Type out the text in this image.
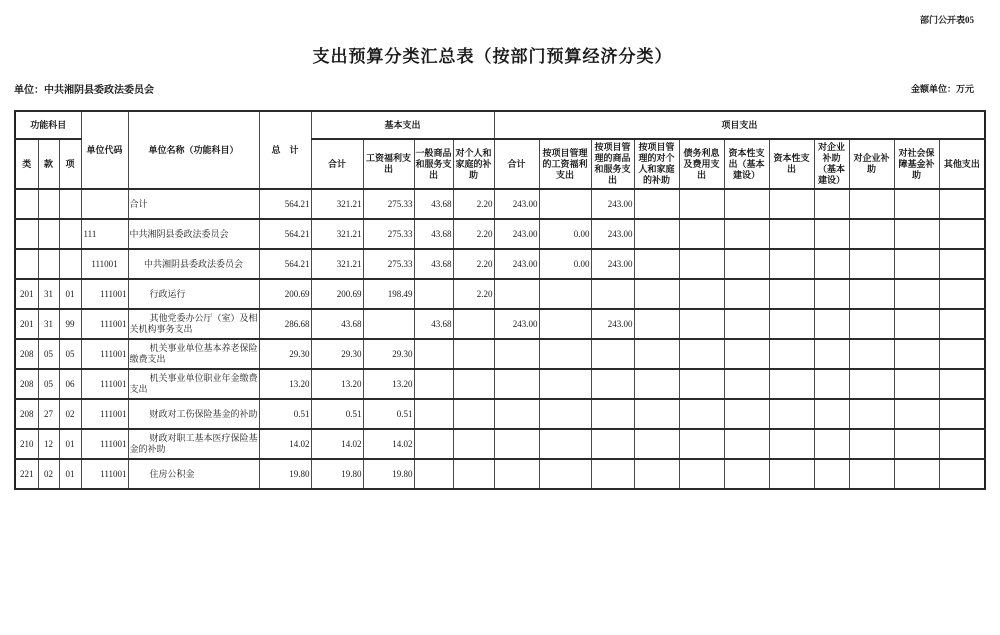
部门公开表05
支出预算分类汇总表（按部门预算经济分类）
单位：中共湘阴县委政法委员会	金额单位：万元
功能科目			单位代码	单位名称（功能科目）	总　计	基本支出				项目支出										
类	款	项				合计	工资福利支出	一般商品和服务支出	对个人和家庭的补助	合计	按项目管理的工资福利支出	按项目管理的商品和服务支出	按项目管理的对个人和家庭的补助	债务利息及费用支出	资本性支出（基本建设）	资本性支出	对企业补助（基本建设）	对企业补助	对社会保障基金补助	其他支出
				合计	564.21	321.21	275.33	43.68	2.20	243.00		243.00								
			111	中共湘阴县委政法委员会	564.21	321.21	275.33	43.68	2.20	243.00	0.00	243.00								
			111001	中共湘阴县委政法委员会	564.21	321.21	275.33	43.68	2.20	243.00	0.00	243.00								
201	31	01	111001	行政运行	200.69	200.69	198.49		2.20											
201	31	99	111001	其他党委办公厅（室）及相关机构事务支出	286.68	43.68		43.68		243.00		243.00								
208	05	05	111001	机关事业单位基本养老保险缴费支出	29.30	29.30	29.30													
208	05	06	111001	机关事业单位职业年金缴费支出	13.20	13.20	13.20													
208	27	02	111001	财政对工伤保险基金的补助	0.51	0.51	0.51													
210	12	01	111001	财政对职工基本医疗保险基金的补助	14.02	14.02	14.02													
221	02	01	111001	住房公积金	19.80	19.80	19.80													
